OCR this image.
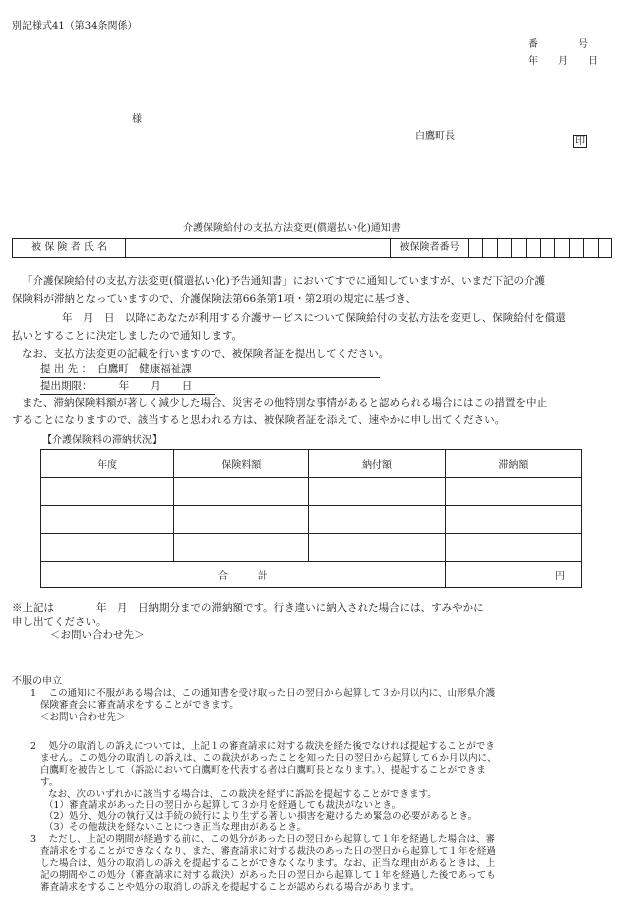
別記様式41（第34条関係）
番　　　　号
年　　月　　日
様
白鷹町長	印
介護保険給付の支払方法変更(償還払い化)通知書
被 保 険 者 氏 名	被保険者番号
「介護保険給付の支払方法変更(償還払い化)予告通知書」においてすでに通知していますが、いまだ下記の介護
保険料が滞納となっていますので、介護保険法第66条第1項・第2項の規定に基づき、
年　月　日　以降にあなたが利用する介護サービスについて保険給付の支払方法を変更し、保険給付を償還
払いとすることに決定しましたので通知します。
なお、支払方法変更の記載を行いますので、被保険者証を提出してください。
提 出 先 ：　白鷹町　健康福祉課
提出期限：　　　年　　月　　日
また、滞納保険料額が著しく減少した場合、災害その他特別な事情があると認められる場合にはこの措置を中止
することになりますので、該当すると思われる方は、被保険者証を添えて、速やかに申し出てください。
【介護保険料の滞納状況】
年度	保険料額	納付額	滞納額

合　　　計			円
※上記は　　　　年　月　日納期分までの滞納額です。行き違いに納入された場合には、すみやかに
申し出てください。
＜お問い合わせ先＞
不服の申立
1　 この通知に不服がある場合は、この通知書を受け取った日の翌日から起算して３か月以内に、山形県介護
保険審査会に審査請求をすることができます。
＜お問い合わせ先＞
2　 処分の取消しの訴えについては、上記１の審査請求に対する裁決を経た後でなければ提起することができ
ません。この処分の取消しの訴えは、この裁決があったことを知った日の翌日から起算して６か月以内に、
白鷹町を被告として（訴訟において白鷹町を代表する者は白鷹町長となります。）、提起することができま
す。
なお、次のいずれかに該当する場合は、この裁決を経ずに訴訟を提起することができます。
（1）審査請求があった日の翌日から起算して３か月を経過しても裁決がないとき。
（2）処分、処分の執行又は手続の続行により生ずる著しい損害を避けるため緊急の必要があるとき。
（3）その他裁決を経ないことにつき正当な理由があるとき。
3　 ただし、上記の期間が経過する前に、この処分があった日の翌日から起算して１年を経過した場合は、審
査請求をすることができなくなり、また、審査請求に対する裁決のあった日の翌日から起算して１年を経過
した場合は、処分の取消しの訴えを提起することができなくなります。なお、正当な理由があるときは、上
記の期間やこの処分（審査請求に対する裁決）があった日の翌日から起算して１年を経過した後であっても
審査請求をすることや処分の取消しの訴えを提起することが認められる場合があります。
